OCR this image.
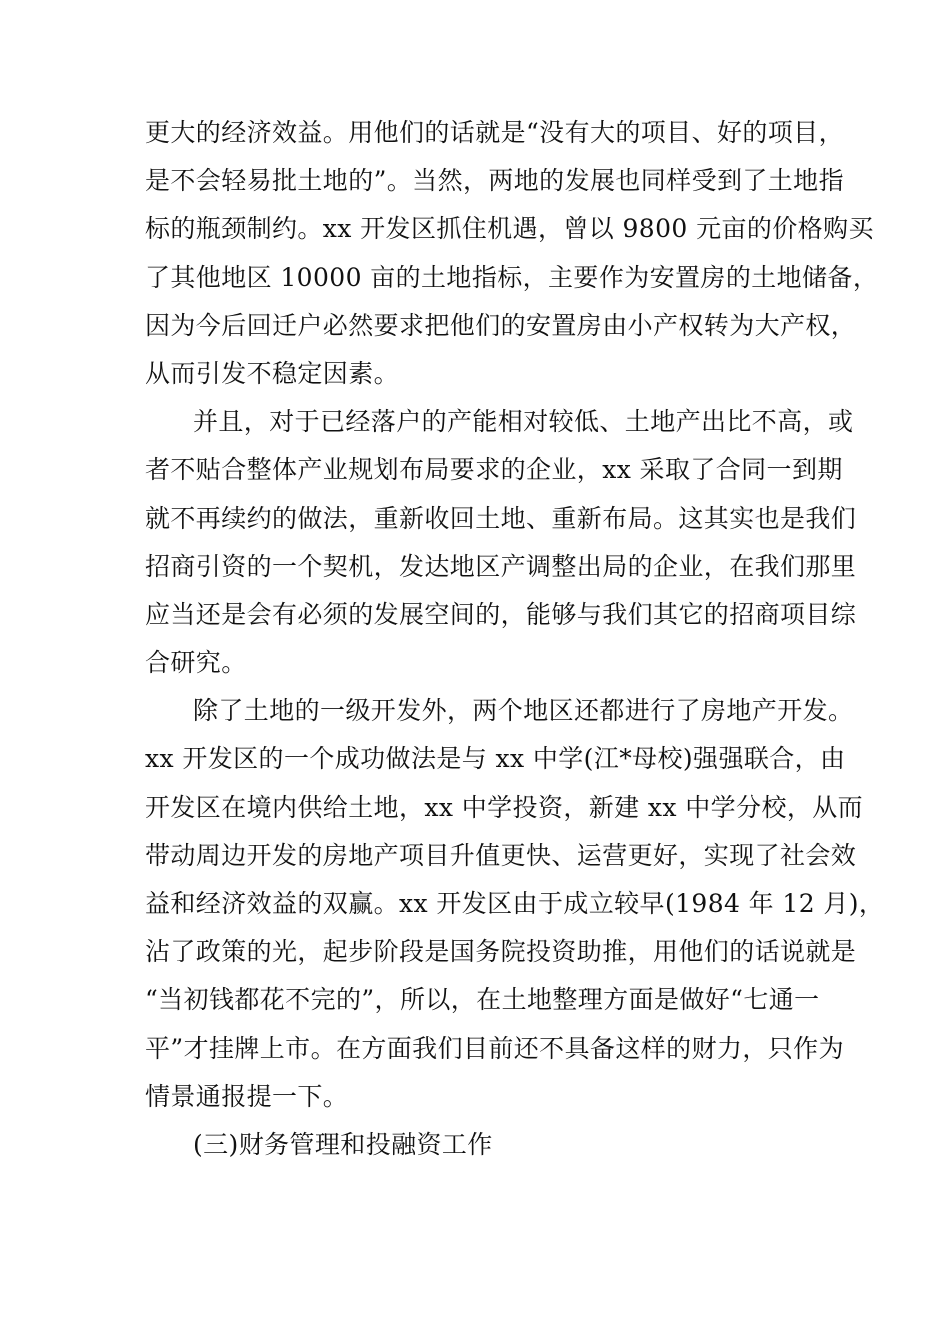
更大的经济效益。用他们的话就是“没有大的项目、好的项目，
是不会轻易批土地的”。当然，两地的发展也同样受到了土地指
标的瓶颈制约。xx 开发区抓住机遇，曾以 9800 元亩的价格购买
了其他地区 10000 亩的土地指标，主要作为安置房的土地储备，
因为今后回迁户必然要求把他们的安置房由小产权转为大产权，
从而引发不稳定因素。
并且，对于已经落户的产能相对较低、土地产出比不高，或
者不贴合整体产业规划布局要求的企业，xx 采取了合同一到期
就不再续约的做法，重新收回土地、重新布局。这其实也是我们
招商引资的一个契机，发达地区产调整出局的企业，在我们那里
应当还是会有必须的发展空间的，能够与我们其它的招商项目综
合研究。
除了土地的一级开发外，两个地区还都进行了房地产开发。
xx 开发区的一个成功做法是与 xx 中学(江*母校)强强联合，由
开发区在境内供给土地，xx 中学投资，新建 xx 中学分校，从而
带动周边开发的房地产项目升值更快、运营更好，实现了社会效
益和经济效益的双赢。xx 开发区由于成立较早(1984 年 12 月)，
沾了政策的光，起步阶段是国务院投资助推，用他们的话说就是
“当初钱都花不完的”，所以，在土地整理方面是做好“七通一
平”才挂牌上市。在方面我们目前还不具备这样的财力，只作为
情景通报提一下。
(三)财务管理和投融资工作
